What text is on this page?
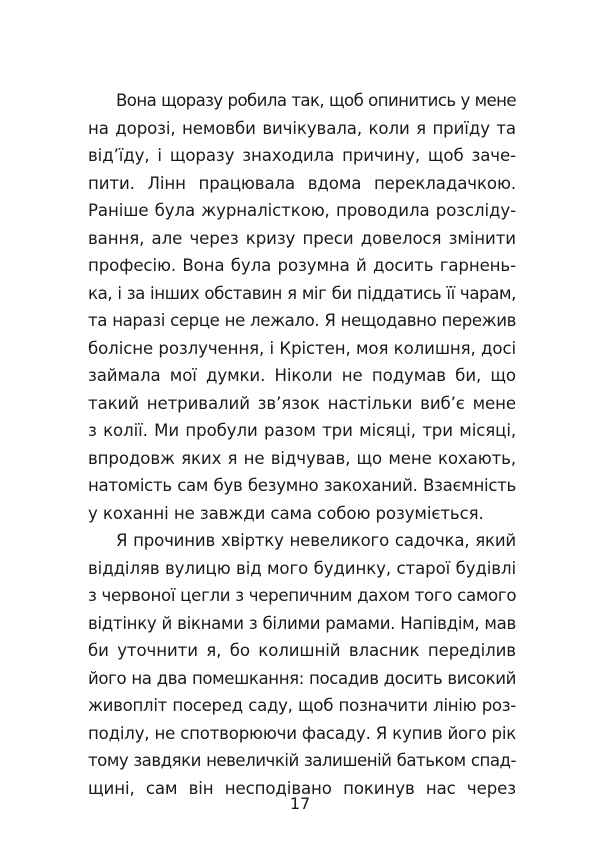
Вона щоразу робила так, щоб опинитись у мене
на дорозі, немовби вичікувала, коли я приїду та
від’їду, і щоразу знаходила причину, щоб заче-
пити. Лінн працювала вдома перекладачкою.
Раніше була журналісткою, проводила розсліду-
вання, але через кризу преси довелося змінити
професію. Вона була розумна й досить гарнень-
ка, і за інших обставин я міг би піддатись її чарам,
та наразі серце не лежало. Я нещодавно пережив
болісне розлучення, і Крістен, моя колишня, досі
займала мої думки. Ніколи не подумав би, що
такий нетривалий зв’язок настільки виб’є мене
з колії. Ми пробули разом три місяці, три місяці,
впродовж яких я не відчував, що мене кохають,
натомість сам був безумно закоханий. Взаємність
у коханні не завжди сама собою розуміється.
Я прочинив хвіртку невеликого садочка, який
відділяв вулицю від мого будинку, старої будівлі
з червоної цегли з черепичним дахом того самого
відтінку й вікнами з білими рамами. Напівдім, мав
би уточнити я, бо колишній власник переділив
його на два помешкання: посадив досить високий
живопліт посеред саду, щоб позначити лінію роз-
поділу, не спотворюючи фасаду. Я купив його рік
тому завдяки невеличкій залишеній батьком спад-
щині, сам він несподівано покинув нас через
17
